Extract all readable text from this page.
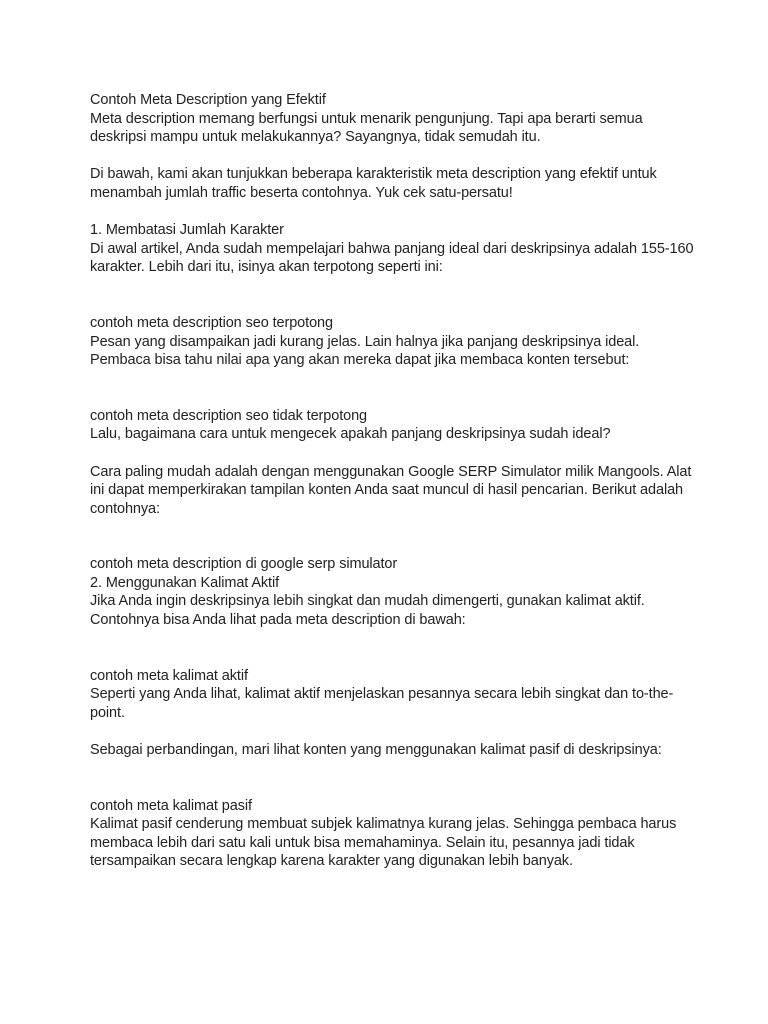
Contoh Meta Description yang Efektif
Meta description memang berfungsi untuk menarik pengunjung. Tapi apa berarti semua
deskripsi mampu untuk melakukannya? Sayangnya, tidak semudah itu.
Di bawah, kami akan tunjukkan beberapa karakteristik meta description yang efektif untuk
menambah jumlah traffic beserta contohnya. Yuk cek satu-persatu!
1. Membatasi Jumlah Karakter
Di awal artikel, Anda sudah mempelajari bahwa panjang ideal dari deskripsinya adalah 155-160
karakter. Lebih dari itu, isinya akan terpotong seperti ini:
contoh meta description seo terpotong
Pesan yang disampaikan jadi kurang jelas. Lain halnya jika panjang deskripsinya ideal.
Pembaca bisa tahu nilai apa yang akan mereka dapat jika membaca konten tersebut:
contoh meta description seo tidak terpotong
Lalu, bagaimana cara untuk mengecek apakah panjang deskripsinya sudah ideal?
Cara paling mudah adalah dengan menggunakan Google SERP Simulator milik Mangools. Alat
ini dapat memperkirakan tampilan konten Anda saat muncul di hasil pencarian. Berikut adalah
contohnya:
contoh meta description di google serp simulator
2. Menggunakan Kalimat Aktif
Jika Anda ingin deskripsinya lebih singkat dan mudah dimengerti, gunakan kalimat aktif.
Contohnya bisa Anda lihat pada meta description di bawah:
contoh meta kalimat aktif
Seperti yang Anda lihat, kalimat aktif menjelaskan pesannya secara lebih singkat dan to-the-
point.
Sebagai perbandingan, mari lihat konten yang menggunakan kalimat pasif di deskripsinya:
contoh meta kalimat pasif
Kalimat pasif cenderung membuat subjek kalimatnya kurang jelas. Sehingga pembaca harus
membaca lebih dari satu kali untuk bisa memahaminya. Selain itu, pesannya jadi tidak
tersampaikan secara lengkap karena karakter yang digunakan lebih banyak.
